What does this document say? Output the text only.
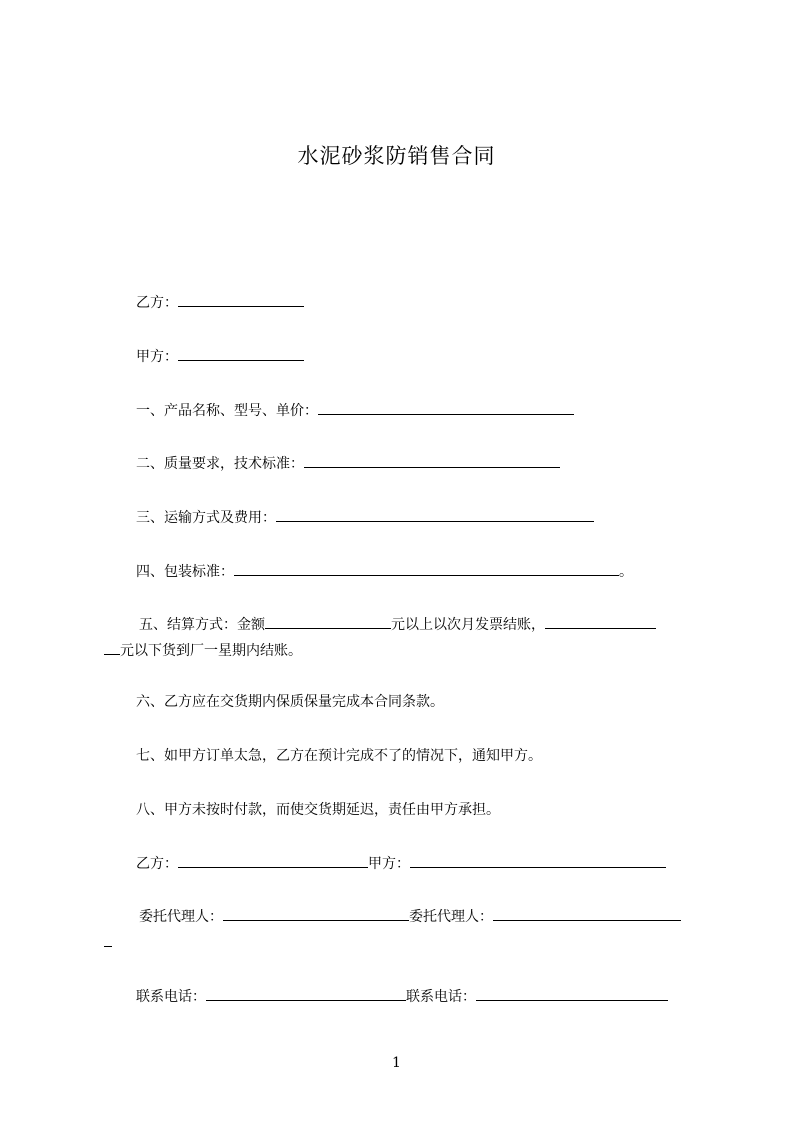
水泥砂浆防销售合同
乙方：
甲方：
一、产品名称、型号、单价：
二、质量要求，技术标准：
三、运输方式及费用：
四、包装标准：	。
五、结算方式：金额	元以上以次月发票结账，
元以下货到厂一星期内结账。
六、乙方应在交货期内保质保量完成本合同条款。
七、如甲方订单太急，乙方在预计完成不了的情况下，通知甲方。
八、甲方未按时付款，而使交货期延迟，责任由甲方承担。
乙方：	甲方：
委托代理人：	委托代理人：
联系电话：	联系电话：
1
